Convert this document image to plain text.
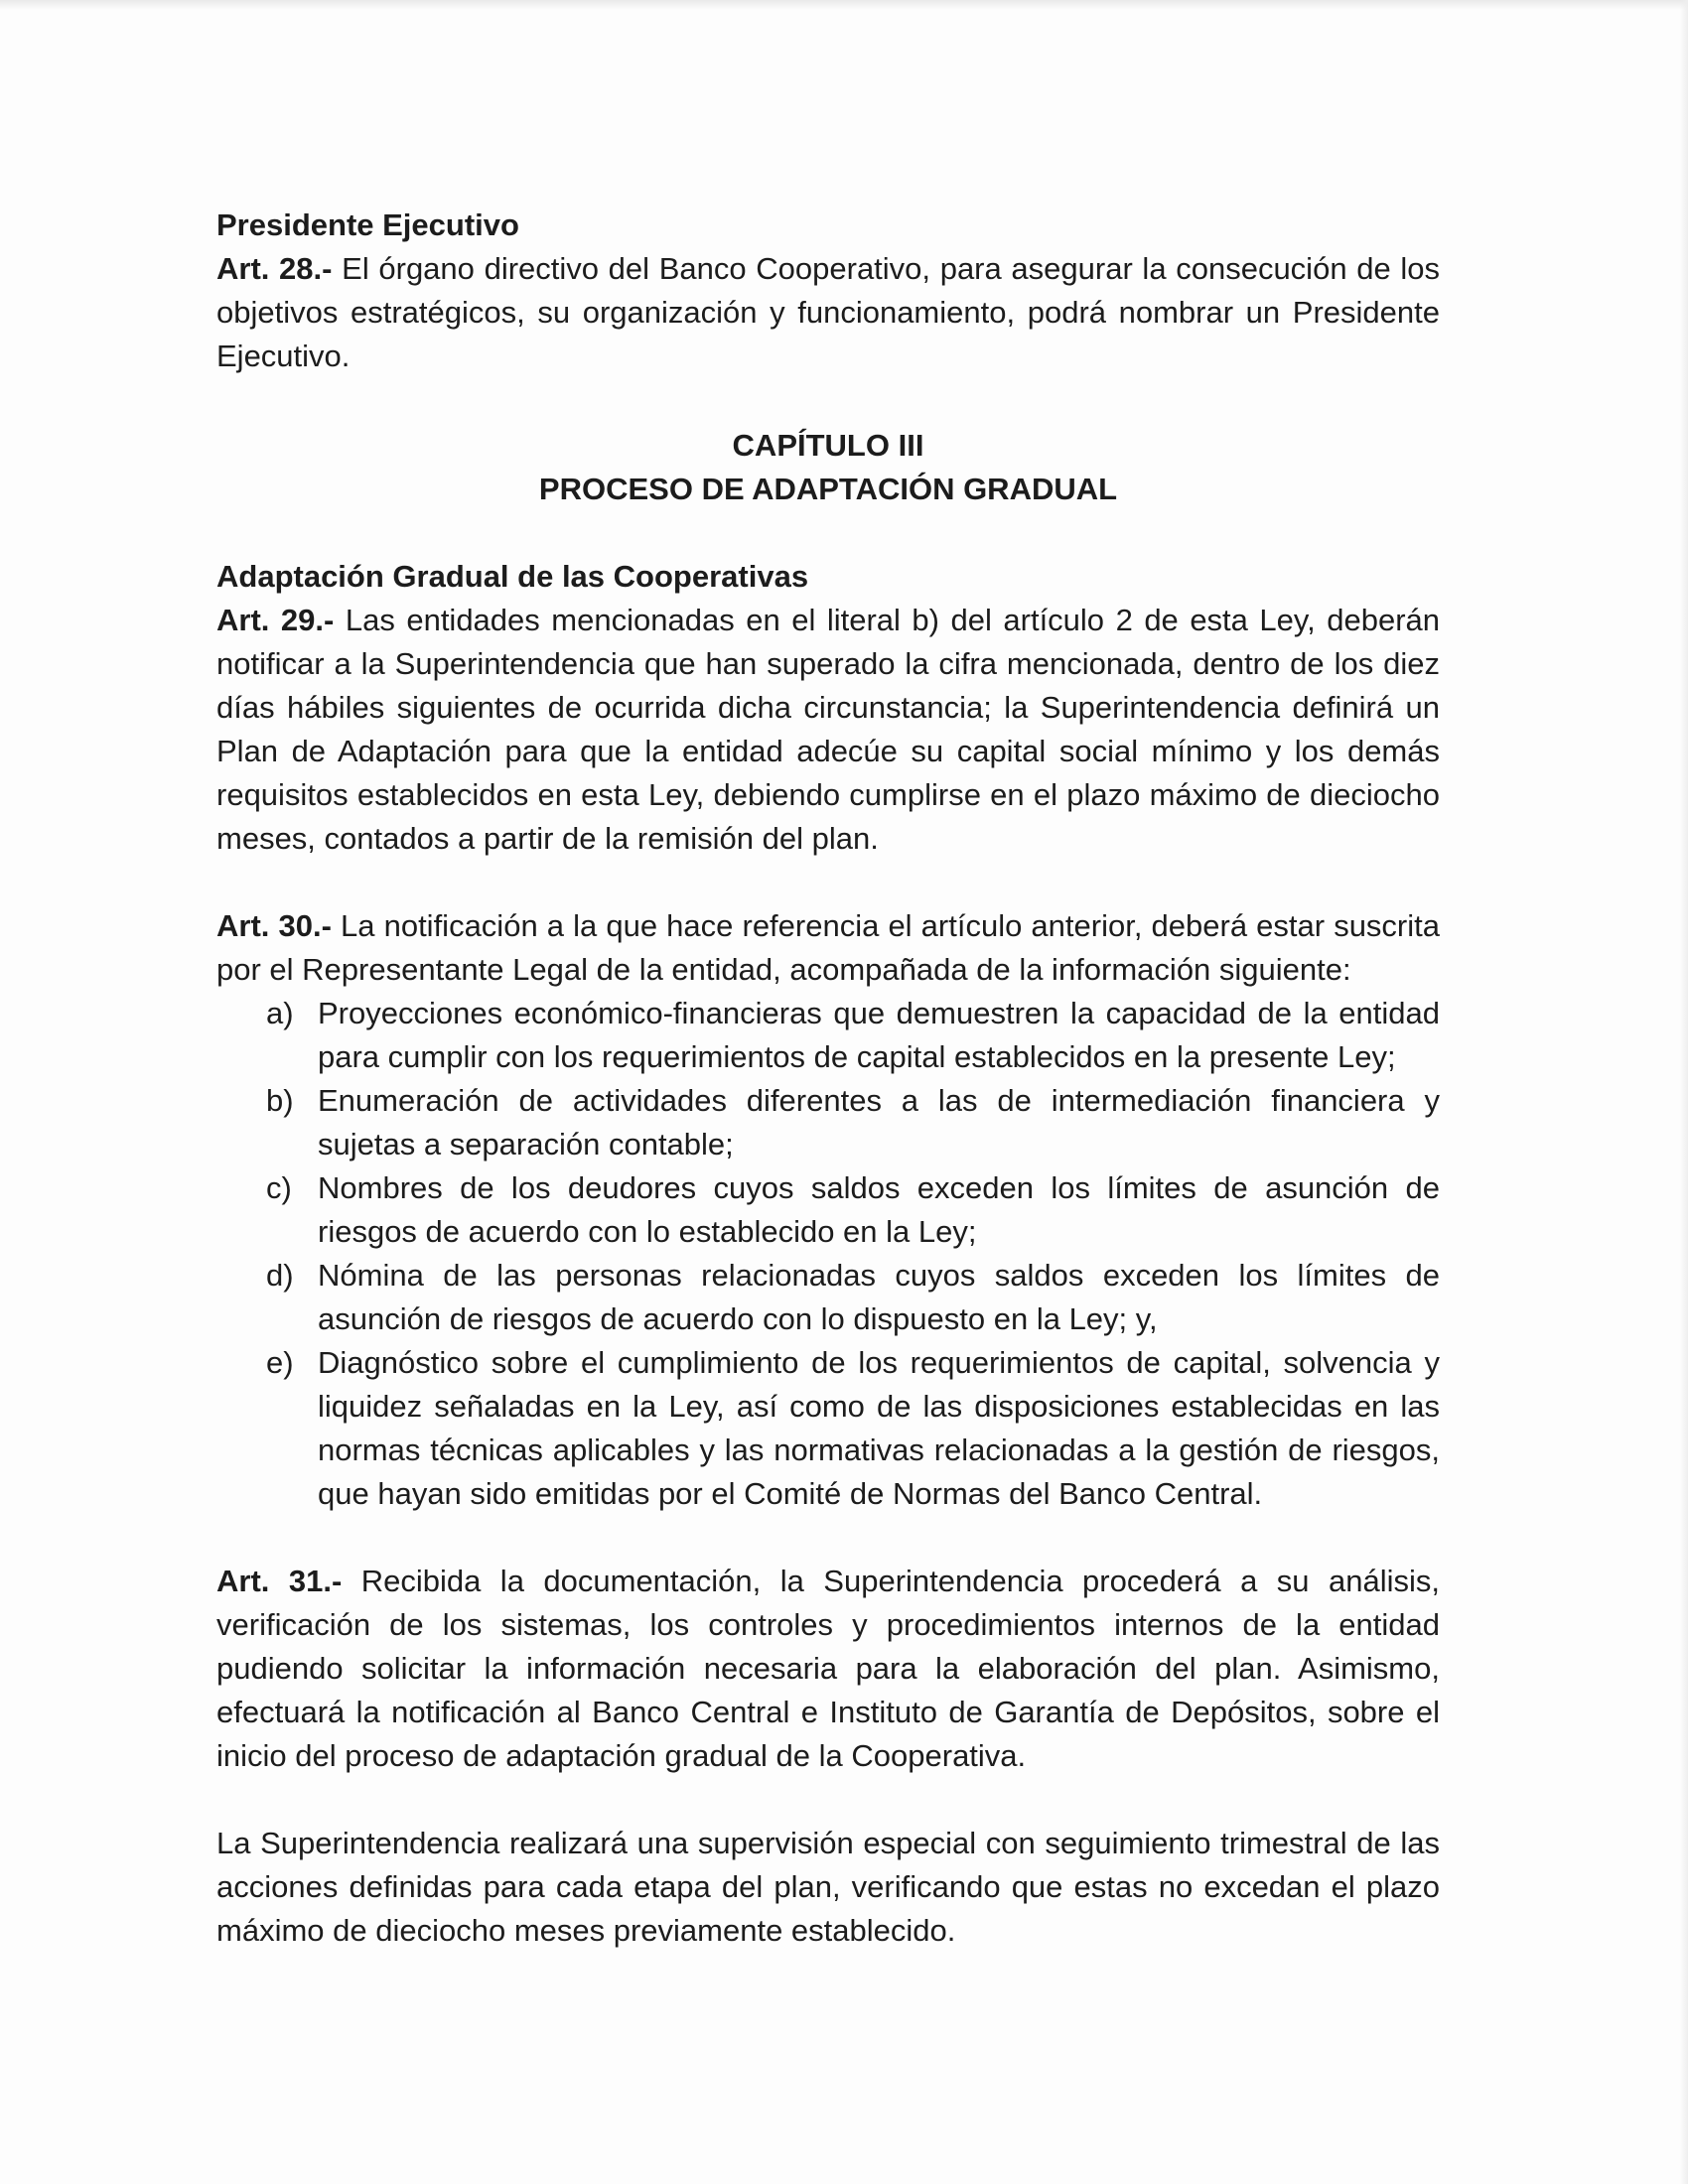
Presidente Ejecutivo

Art. 28.- El órgano directivo del Banco Cooperativo, para asegurar la consecución de los objetivos estratégicos, su organización y funcionamiento, podrá nombrar un Presidente Ejecutivo.

CAPÍTULO III
PROCESO DE ADAPTACIÓN GRADUAL
Adaptación Gradual de las Cooperativas

Art. 29.- Las entidades mencionadas en el literal b) del artículo 2 de esta Ley, deberán notificar a la Superintendencia que han superado la cifra mencionada, dentro de los diez días hábiles siguientes de ocurrida dicha circunstancia; la Superintendencia definirá un Plan de Adaptación para que la entidad adecúe su capital social mínimo y los demás requisitos establecidos en esta Ley, debiendo cumplirse en el plazo máximo de dieciocho meses, contados a partir de la remisión del plan.

Art. 30.- La notificación a la que hace referencia el artículo anterior, deberá estar suscrita por el Representante Legal de la entidad, acompañada de la información siguiente:

a) Proyecciones económico-financieras que demuestren la capacidad de la entidad para cumplir con los requerimientos de capital establecidos en la presente Ley;
b) Enumeración de actividades diferentes a las de intermediación financiera y sujetas a separación contable;
c) Nombres de los deudores cuyos saldos exceden los límites de asunción de riesgos de acuerdo con lo establecido en la Ley;
d) Nómina de las personas relacionadas cuyos saldos exceden los límites de asunción de riesgos de acuerdo con lo dispuesto en la Ley; y,
e) Diagnóstico sobre el cumplimiento de los requerimientos de capital, solvencia y liquidez señaladas en la Ley, así como de las disposiciones establecidas en las normas técnicas aplicables y las normativas relacionadas a la gestión de riesgos, que hayan sido emitidas por el Comité de Normas del Banco Central.

Art. 31.- Recibida la documentación, la Superintendencia procederá a su análisis, verificación de los sistemas, los controles y procedimientos internos de la entidad pudiendo solicitar la información necesaria para la elaboración del plan. Asimismo, efectuará la notificación al Banco Central e Instituto de Garantía de Depósitos, sobre el inicio del proceso de adaptación gradual de la Cooperativa.

La Superintendencia realizará una supervisión especial con seguimiento trimestral de las acciones definidas para cada etapa del plan, verificando que estas no excedan el plazo máximo de dieciocho meses previamente establecido.
